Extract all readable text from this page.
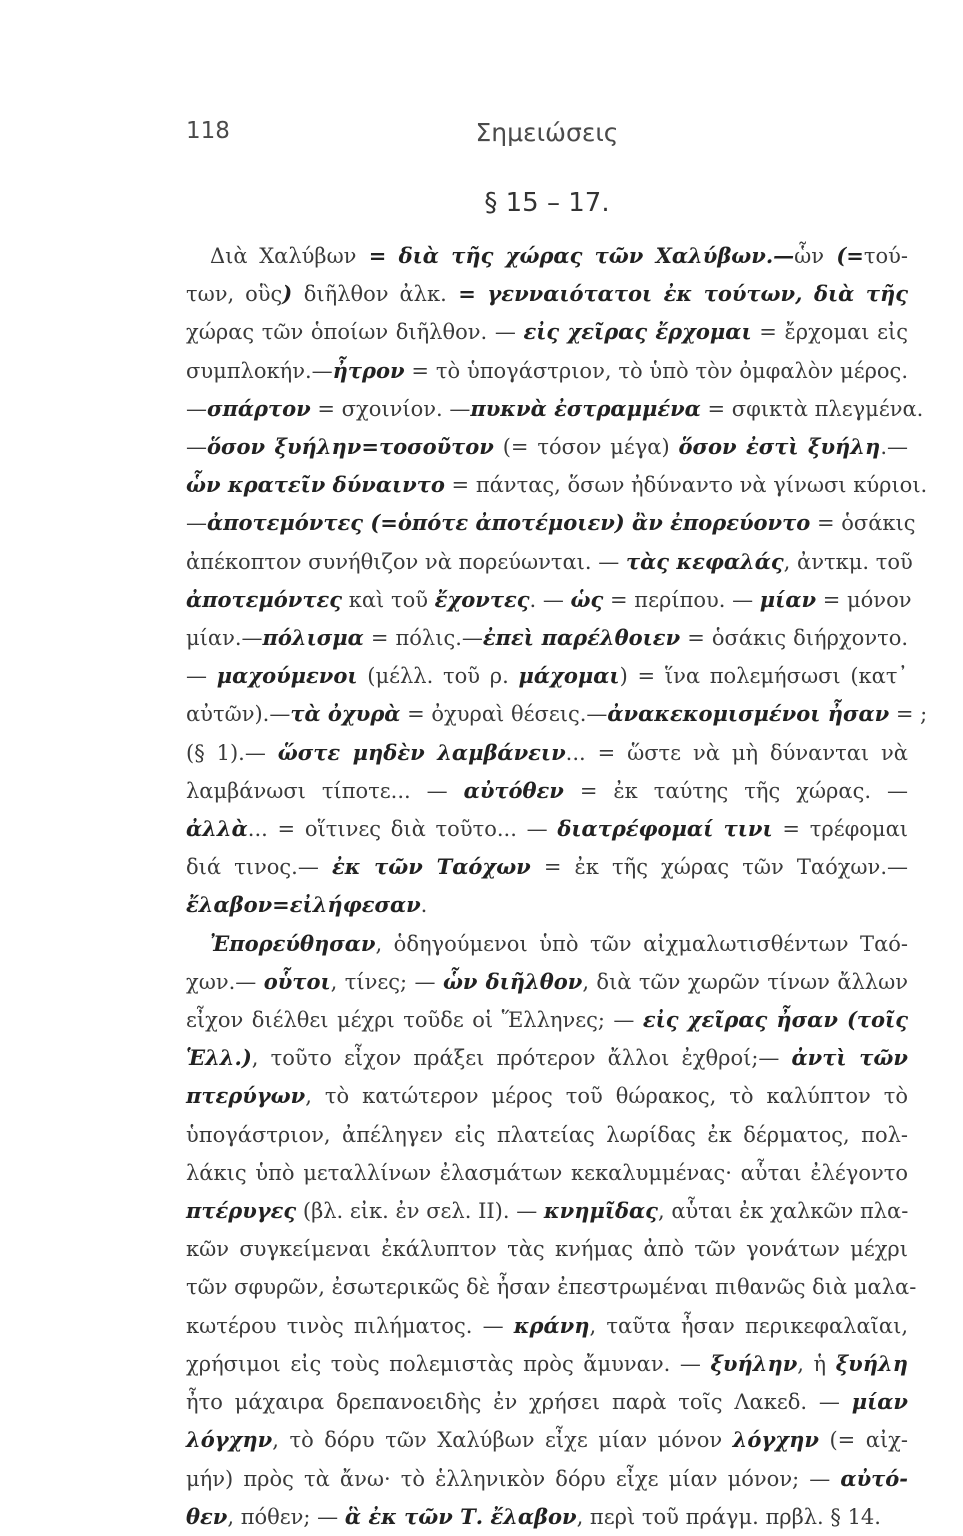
118	Σημειώσεις
§ 15 – 17.
Διὰ Χαλύβων = διὰ τῆς χώρας τῶν Χαλύβων.—ὧν (=τού-
των, οὓς) διῆλθον ἀλκ. = γενναιότατοι ἐκ τούτων, διὰ τῆς
χώρας τῶν ὁποίων διῆλθον. — εἰς χεῖρας ἔρχομαι = ἔρχομαι εἰς
συμπλοκήν.—ἦτρον = τὸ ὑπογάστριον, τὸ ὑπὸ τὸν ὀμφαλὸν μέρος.
—σπάρτον = σχοινίον. —πυκνὰ ἐστραμμένα = σφικτὰ πλεγμένα.
—ὅσον ξυήλην=τοσοῦτον (= τόσον μέγα) ὅσον ἐστὶ ξυήλη.—
ὧν κρατεῖν δύναιντο = πάντας, ὅσων ἠδύναντο νὰ γίνωσι κύριοι.
—ἀποτεμόντες (=ὁπότε ἀποτέμοιεν) ἂν ἐπορεύοντο = ὁσάκις
ἀπέκοπτον συνήθιζον νὰ πορεύωνται. — τὰς κεφαλάς, ἀντκμ. τοῦ
ἀποτεμόντες καὶ τοῦ ἔχοντες. — ὡς = περίπου. — μίαν = μόνον
μίαν.—πόλισμα = πόλις.—ἐπεὶ παρέλθοιεν = ὁσάκις διήρχοντο.
— μαχούμενοι (μέλλ. τοῦ ρ. μάχομαι) = ἵνα πολεμήσωσι (κατ᾽
αὐτῶν).—τὰ ὀχυρὰ = ὀχυραὶ θέσεις.—ἀνακεκομισμένοι ἦσαν = ;
(§ 1).— ὥστε μηδὲν λαμβάνειν... = ὥστε νὰ μὴ δύνανται νὰ
λαμβάνωσι τίποτε... — αὐτόθεν = ἐκ ταύτης τῆς χώρας. —
ἀλλὰ... = οἵτινες διὰ τοῦτο... — διατρέφομαί τινι = τρέφομαι
διά τινος.— ἐκ τῶν Ταόχων = ἐκ τῆς χώρας τῶν Ταόχων.—
ἔλαβον=εἰλήφεσαν.
Ἐπορεύθησαν, ὁδηγούμενοι ὑπὸ τῶν αἰχμαλωτισθέντων Ταό-
χων.— οὗτοι, τίνες; — ὧν διῆλθον, διὰ τῶν χωρῶν τίνων ἄλλων
εἶχον διέλθει μέχρι τοῦδε οἱ Ἕλληνες; — εἰς χεῖρας ἦσαν (τοῖς
Ἑλλ.), τοῦτο εἶχον πράξει πρότερον ἄλλοι ἐχθροί;— ἀντὶ τῶν
πτερύγων, τὸ κατώτερον μέρος τοῦ θώρακος, τὸ καλύπτον τὸ
ὑπογάστριον, ἀπέληγεν εἰς πλατείας λωρίδας ἐκ δέρματος, πολ-
λάκις ὑπὸ μεταλλίνων ἐλασμάτων κεκαλυμμένας· αὗται ἐλέγοντο
πτέρυγες (βλ. εἰκ. ἐν σελ. II). — κνημῖδας, αὗται ἐκ χαλκῶν πλα-
κῶν συγκείμεναι ἐκάλυπτον τὰς κνήμας ἀπὸ τῶν γονάτων μέχρι
τῶν σφυρῶν, ἐσωτερικῶς δὲ ἦσαν ἐπεστρωμέναι πιθανῶς διὰ μαλα-
κωτέρου τινὸς πιλήματος. — κράνη, ταῦτα ἦσαν περικεφαλαῖαι,
χρήσιμοι εἰς τοὺς πολεμιστὰς πρὸς ἄμυναν. — ξυήλην, ἡ ξυήλη
ἦτο μάχαιρα δρεπανοειδὴς ἐν χρήσει παρὰ τοῖς Λακεδ. — μίαν
λόγχην, τὸ δόρυ τῶν Χαλύβων εἶχε μίαν μόνον λόγχην (= αἰχ-
μήν) πρὸς τὰ ἄνω· τὸ ἑλληνικὸν δόρυ εἶχε μίαν μόνον; — αὐτό-
θεν, πόθεν; — ἃ ἐκ τῶν Τ. ἔλαβον, περὶ τοῦ πράγμ. πρβλ. § 14.
